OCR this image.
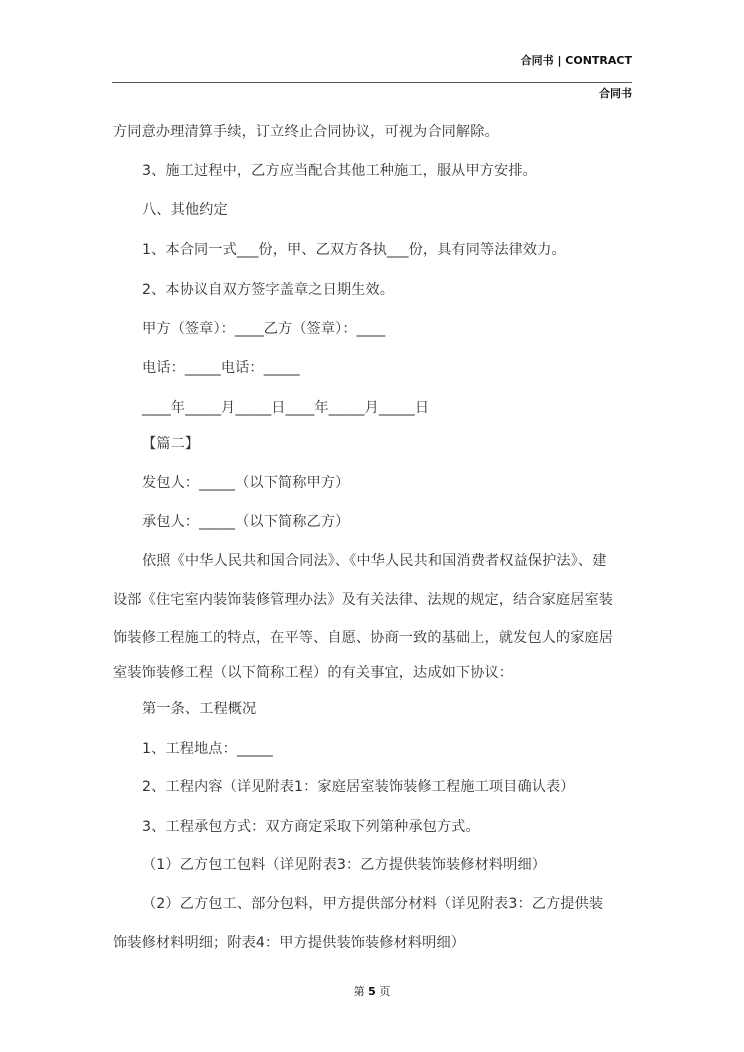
合同书 | CONTRACT
合同书
方同意办理清算手续，订立终止合同协议，可视为合同解除。
3、施工过程中，乙方应当配合其他工种施工，服从甲方安排。
八、其他约定
1、本合同一式___份，甲、乙双方各执___份，具有同等法律效力。
2、本协议自双方签字盖章之日期生效。
甲方（签章）：____乙方（签章）：____
电话：_____电话：_____
____年_____月_____日____年_____月_____日
【篇二】
发包人：_____（以下简称甲方）
承包人：_____（以下简称乙方）
依照《中华人民共和国合同法》、《中华人民共和国消费者权益保护法》、建
设部《住宅室内装饰装修管理办法》及有关法律、法规的规定，结合家庭居室装
饰装修工程施工的特点，在平等、自愿、协商一致的基础上，就发包人的家庭居
室装饰装修工程（以下简称工程）的有关事宜，达成如下协议：
第一条、工程概况
1、工程地点：_____
2、工程内容（详见附表1：家庭居室装饰装修工程施工项目确认表）
3、工程承包方式：双方商定采取下列第种承包方式。
（1）乙方包工包料（详见附表3：乙方提供装饰装修材料明细）
（2）乙方包工、部分包料，甲方提供部分材料（详见附表3：乙方提供装
饰装修材料明细；附表4：甲方提供装饰装修材料明细）
第 5 页
